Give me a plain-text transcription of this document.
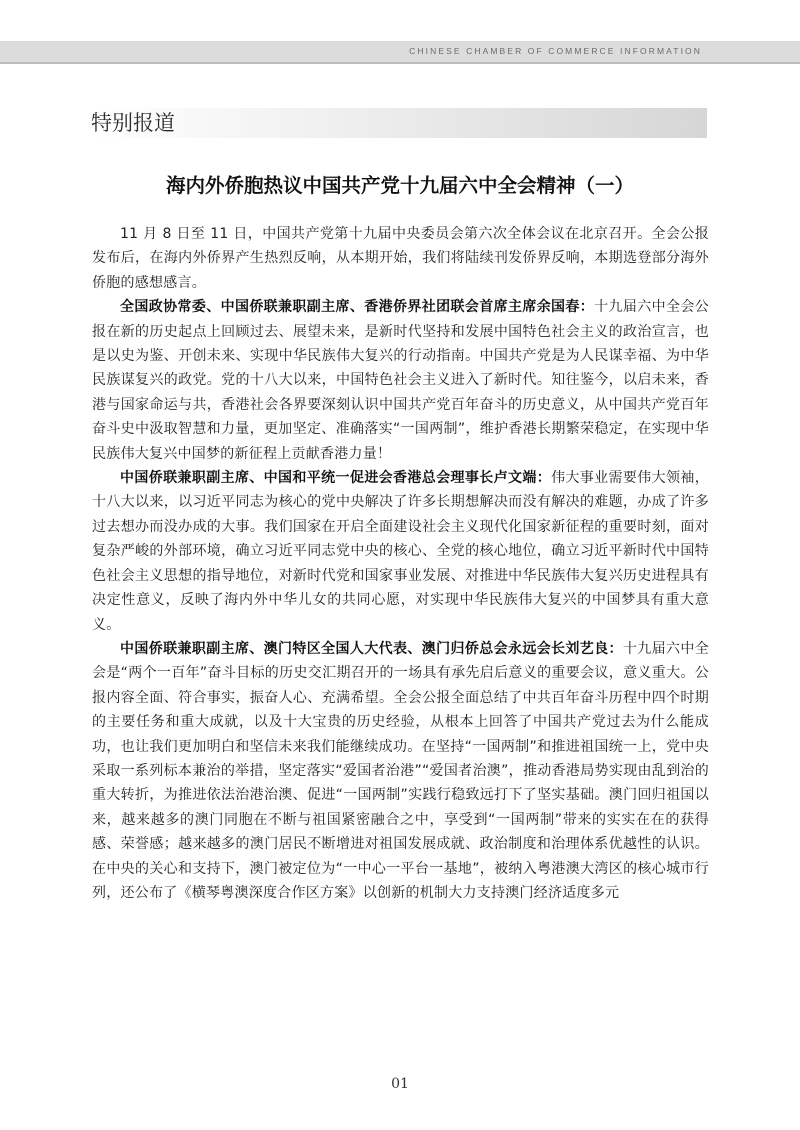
CHINESE CHAMBER OF COMMERCE INFORMATION
特别报道
海内外侨胞热议中国共产党十九届六中全会精神（一）

11 月 8 日至 11 日，中国共产党第十九届中央委员会第六次全体会议在北京召开。全会公报发布后，在海内外侨界产生热烈反响，从本期开始，我们将陆续刊发侨界反响，本期选登部分海外侨胞的感想感言。

全国政协常委、中国侨联兼职副主席、香港侨界社团联会首席主席余国春：十九届六中全会公报在新的历史起点上回顾过去、展望未来，是新时代坚持和发展中国特色社会主义的政治宣言，也是以史为鉴、开创未来、实现中华民族伟大复兴的行动指南。中国共产党是为人民谋幸福、为中华民族谋复兴的政党。党的十八大以来，中国特色社会主义进入了新时代。知往鉴今，以启未来，香港与国家命运与共，香港社会各界要深刻认识中国共产党百年奋斗的历史意义，从中国共产党百年奋斗史中汲取智慧和力量，更加坚定、准确落实“一国两制”，维护香港长期繁荣稳定，在实现中华民族伟大复兴中国梦的新征程上贡献香港力量！

中国侨联兼职副主席、中国和平统一促进会香港总会理事长卢文端：伟大事业需要伟大领袖，十八大以来，以习近平同志为核心的党中央解决了许多长期想解决而没有解决的难题，办成了许多过去想办而没办成的大事。我们国家在开启全面建设社会主义现代化国家新征程的重要时刻，面对复杂严峻的外部环境，确立习近平同志党中央的核心、全党的核心地位，确立习近平新时代中国特色社会主义思想的指导地位，对新时代党和国家事业发展、对推进中华民族伟大复兴历史进程具有决定性意义，反映了海内外中华儿女的共同心愿，对实现中华民族伟大复兴的中国梦具有重大意义。

中国侨联兼职副主席、澳门特区全国人大代表、澳门归侨总会永远会长刘艺良：十九届六中全会是“两个一百年”奋斗目标的历史交汇期召开的一场具有承先启后意义的重要会议，意义重大。公报内容全面、符合事实，振奋人心、充满希望。全会公报全面总结了中共百年奋斗历程中四个时期的主要任务和重大成就，以及十大宝贵的历史经验，从根本上回答了中国共产党过去为什么能成功，也让我们更加明白和坚信未来我们能继续成功。在坚持“一国两制”和推进祖国统一上，党中央采取一系列标本兼治的举措，坚定落实“爱国者治港”“爱国者治澳”，推动香港局势实现由乱到治的重大转折，为推进依法治港治澳、促进“一国两制”实践行稳致远打下了坚实基础。澳门回归祖国以来，越来越多的澳门同胞在不断与祖国紧密融合之中，享受到“一国两制”带来的实实在在的获得感、荣誉感；越来越多的澳门居民不断增进对祖国发展成就、政治制度和治理体系优越性的认识。在中央的关心和支持下，澳门被定位为“一中心一平台一基地”，被纳入粤港澳大湾区的核心城市行列，还公布了《横琴粤澳深度合作区方案》以创新的机制大力支持澳门经济适度多元

01
